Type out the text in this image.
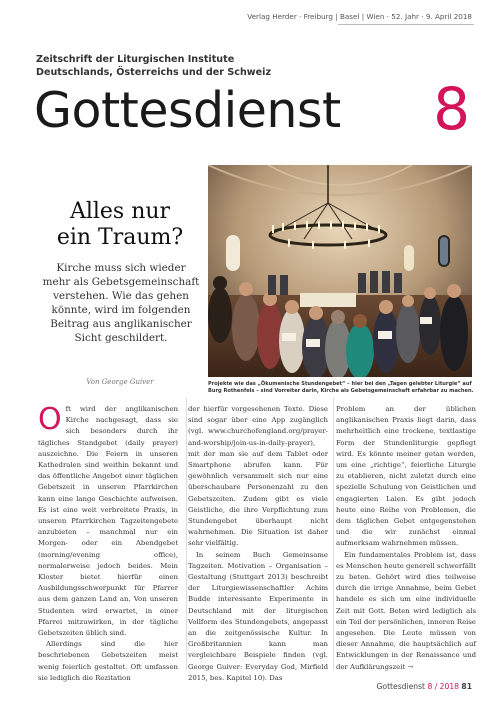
Verlag Herder · Freiburg | Basel | Wien · 52. Jahr · 9. April 2018
Zeitschrift der Liturgischen Institute
Deutschlands, Österreichs und der Schweiz
Gottesdienst 8
Projekte wie das „Ökumenische Stundengebet“ – hier bei den „Tagen gelebter Liturgie“ auf Burg Rothenfels – sind Vorreiter darin, Kirche als Gebetsgemeinschaft erfahrbar zu machen.
Alles nur
ein Traum?
Kirche muss sich wieder mehr als Gebetsgemeinschaft verstehen. Wie das gehen könnte, wird im folgenden Beitrag aus anglikanischer Sicht geschildert.
Von George Guiver

Oft wird der anglikanischen Kirche nachgesagt, dass sie sich besonders durch ihr tägliches Standgebet (daily prayer) auszeichne. Die Feiern in unseren Kathedralen sind weithin bekannt und das öffentliche Angebot einer täglichen Gebetszeit in unseren Pfarrkirchen kann eine lange Geschichte aufweisen. Es ist eine weit verbreitete Praxis, in unseren Pfarrkirchen Tagzeitengebete anzubieten – manchmal nur ein Morgen- oder ein Abendgebet (morning/evening office), normalerweise jedoch beides. Mein Kloster bietet hierfür einen Ausbildungsschwerpunkt für Pfarrer aus dem ganzen Land an. Von unseren Studenten wird erwartet, in einer Pfarrei mitzuwirken, in der tägliche Gebetszeiten üblich sind.

Allerdings sind die hier beschriebenen Gebetszeiten meist wenig feierlich gestaltet. Oft umfassen sie lediglich die Rezitation

der hierfür vorgesehenen Texte. Diese sind sogar über eine App zugänglich (vgl. www.churchofengland.org/prayer-and-worship/join-us-in-daily-prayer), mit der man sie auf dem Tablet oder Smartphone abrufen kann. Für gewöhnlich versammelt sich nur eine überschaubare Personenzahl zu den Gebetszeiten. Zudem gibt es viele Geistliche, die ihre Verpflichtung zum Stundengebet überhaupt nicht wahrnehmen. Die Situation ist daher sehr vielfältig.

In seinem Buch Gemeinsame Tagzeiten. Motivation – Organisation – Gestaltung (Stuttgart 2013) beschreibt der Liturgiewissenschaftler Achim Budde interessante Experimente in Deutschland mit der liturgischen Vollform des Stundengebets, angepasst an die zeitgenössische Kultur. In Großbritannien kann man vergleichbare Beispiele finden (vgl. George Guiver: Everyday God, Mirfield 2015, bes. Kapitel 10). Das

Problem an der üblichen anglikanischen Praxis liegt darin, dass mehrheitlich eine trockene, textlastige Form der Stundenliturgie gepflegt wird. Es könnte meiner getan werden, um eine „richtige“, feierliche Liturgie zu etablieren, nicht zuletzt durch eine spezielle Schulung von Geistlichen und engagierten Laien. Es gibt jedoch heute eine Reihe von Problemen, die dem täglichen Gebet entgegenstehen und die wir zunächst einmal aufmerksam wahrnehmen müssen.

Ein fundamentales Problem ist, dass es Menschen heute generell schwerfällt zu beten. Gehört wird dies teilweise durch die irrige Annahme, beim Gebet handele es sich um eine individuelle Zeit mit Gott. Beten wird lediglich als ein Teil der persönlichen, inneren Reise angesehen. Die Leute müssen von dieser Annahme, die hauptsächlich auf Entwicklungen in der Renaissance und der Aufklärungszeit →

Gottesdienst 8 / 2018 81
